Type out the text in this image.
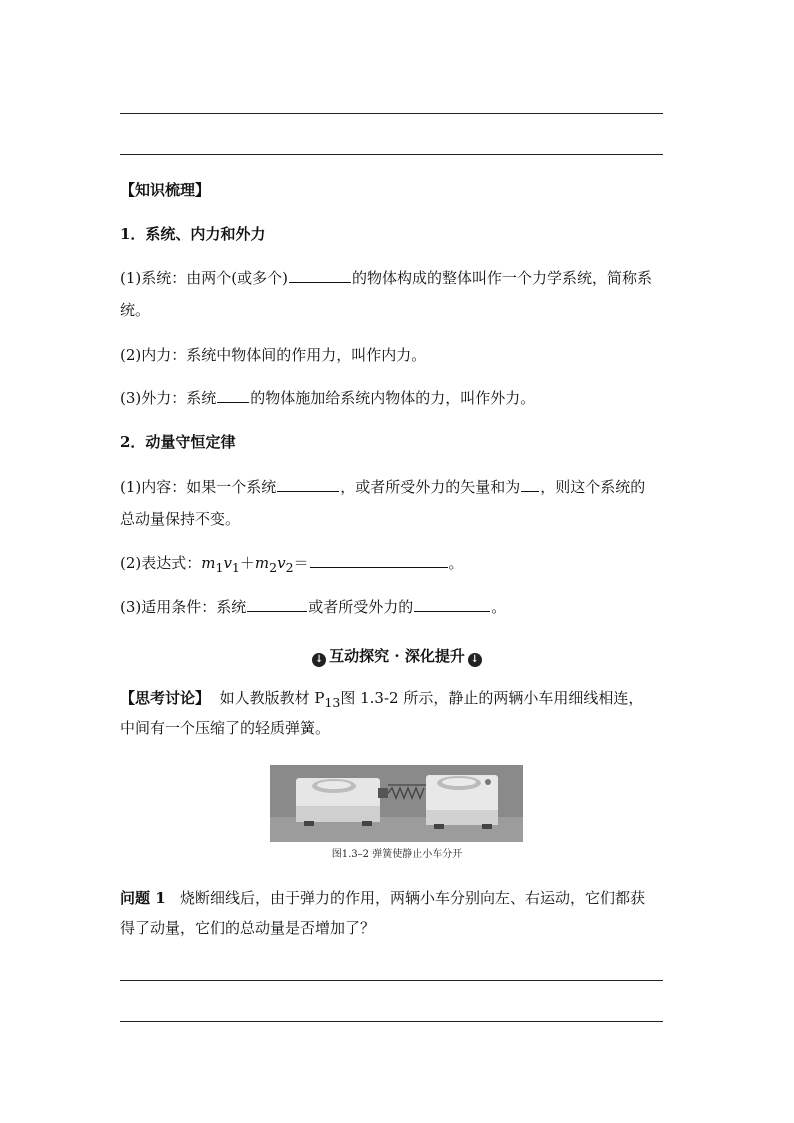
【知识梳理】
1．系统、内力和外力
(1)系统：由两个(或多个)	的物体构成的整体叫作一个力学系统，简称系
统。
(2)内力：系统中物体间的作用力，叫作内力。
(3)外力：系统 的物体施加给系统内物体的力，叫作外力。
2．动量守恒定律
(1)内容：如果一个系统	，或者所受外力的矢量和为 ，则这个系统的
总动量保持不变。
(2)表达式：$m_1v_1+m_2v_2=$	。
(3)适用条件：系统	或者所受外力的	。
↓ 互动探究 · 深化提升 ↓
【思考讨论】 如人教版教材 $P_{13}$图 1.3-2 所示，静止的两辆小车用细线相连，
中间有一个压缩了的轻质弹簧。
图1.3–2 弹簧使静止小车分开
问题 1 烧断细线后，由于弹力的作用，两辆小车分别向左、右运动，它们都获
得了动量，它们的总动量是否增加了？
